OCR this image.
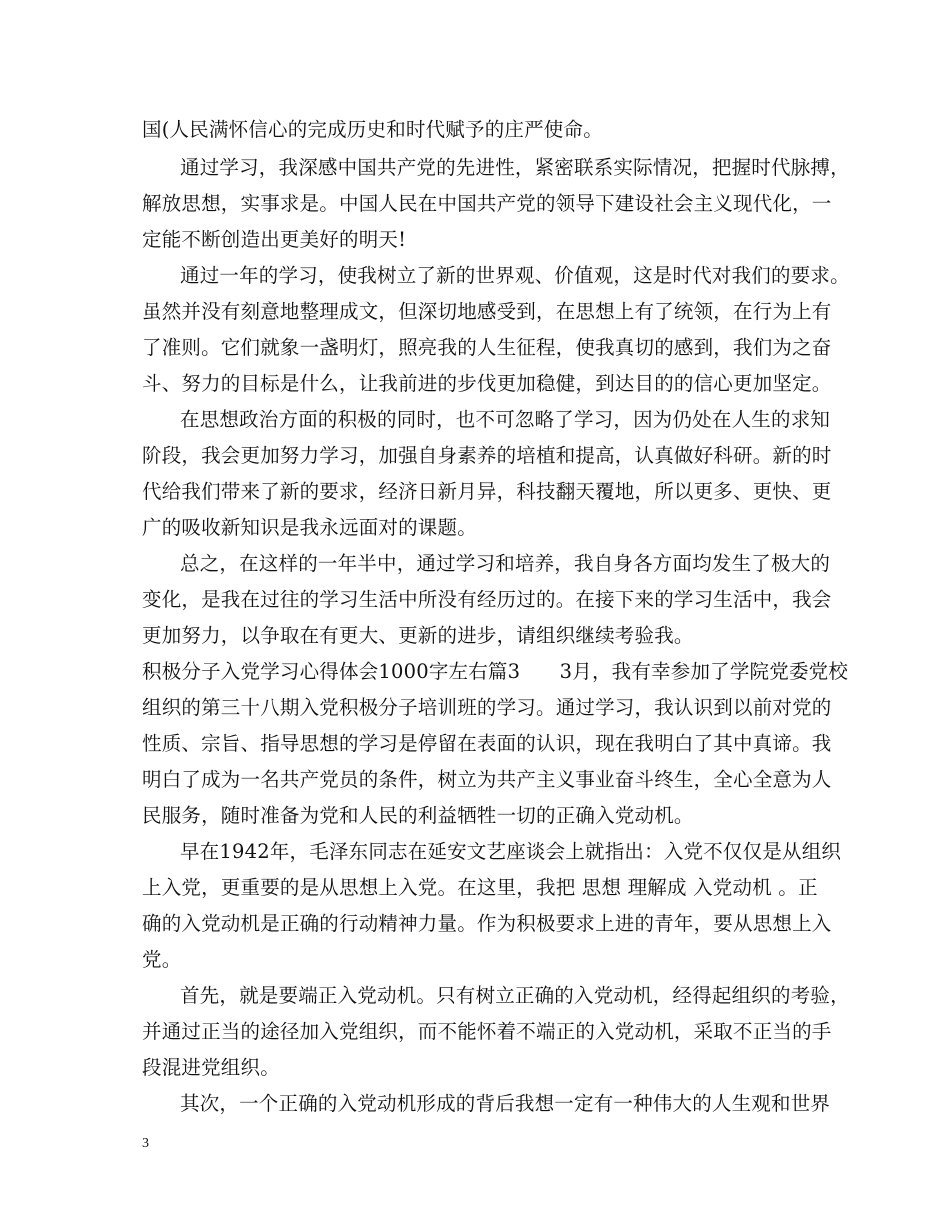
国(人民满怀信心的完成历史和时代赋予的庄严使命。
通过学习，我深感中国共产党的先进性，紧密联系实际情况，把握时代脉搏，
解放思想，实事求是。中国人民在中国共产党的领导下建设社会主义现代化，一
定能不断创造出更美好的明天!
通过一年的学习，使我树立了新的世界观、价值观，这是时代对我们的要求。
虽然并没有刻意地整理成文，但深切地感受到，在思想上有了统领，在行为上有
了准则。它们就象一盏明灯，照亮我的人生征程，使我真切的感到，我们为之奋
斗、努力的目标是什么，让我前进的步伐更加稳健，到达目的的信心更加坚定。
在思想政治方面的积极的同时，也不可忽略了学习，因为仍处在人生的求知
阶段，我会更加努力学习，加强自身素养的培植和提高，认真做好科研。新的时
代给我们带来了新的要求，经济日新月异，科技翻天覆地，所以更多、更快、更
广的吸收新知识是我永远面对的课题。
总之，在这样的一年半中，通过学习和培养，我自身各方面均发生了极大的
变化，是我在过往的学习生活中所没有经历过的。在接下来的学习生活中，我会
更加努力，以争取在有更大、更新的进步，请组织继续考验我。
积极分子入党学习心得体会1000字左右篇3　　3月，我有幸参加了学院党委党校
组织的第三十八期入党积极分子培训班的学习。通过学习，我认识到以前对党的
性质、宗旨、指导思想的学习是停留在表面的认识，现在我明白了其中真谛。我
明白了成为一名共产党员的条件，树立为共产主义事业奋斗终生，全心全意为人
民服务，随时准备为党和人民的利益牺牲一切的正确入党动机。
早在1942年，毛泽东同志在延安文艺座谈会上就指出：入党不仅仅是从组织
上入党，更重要的是从思想上入党。在这里，我把 思想 理解成 入党动机 。正
确的入党动机是正确的行动精神力量。作为积极要求上进的青年，要从思想上入
党。
首先，就是要端正入党动机。只有树立正确的入党动机，经得起组织的考验，
并通过正当的途径加入党组织，而不能怀着不端正的入党动机，采取不正当的手
段混进党组织。
其次，一个正确的入党动机形成的背后我想一定有一种伟大的人生观和世界
3
